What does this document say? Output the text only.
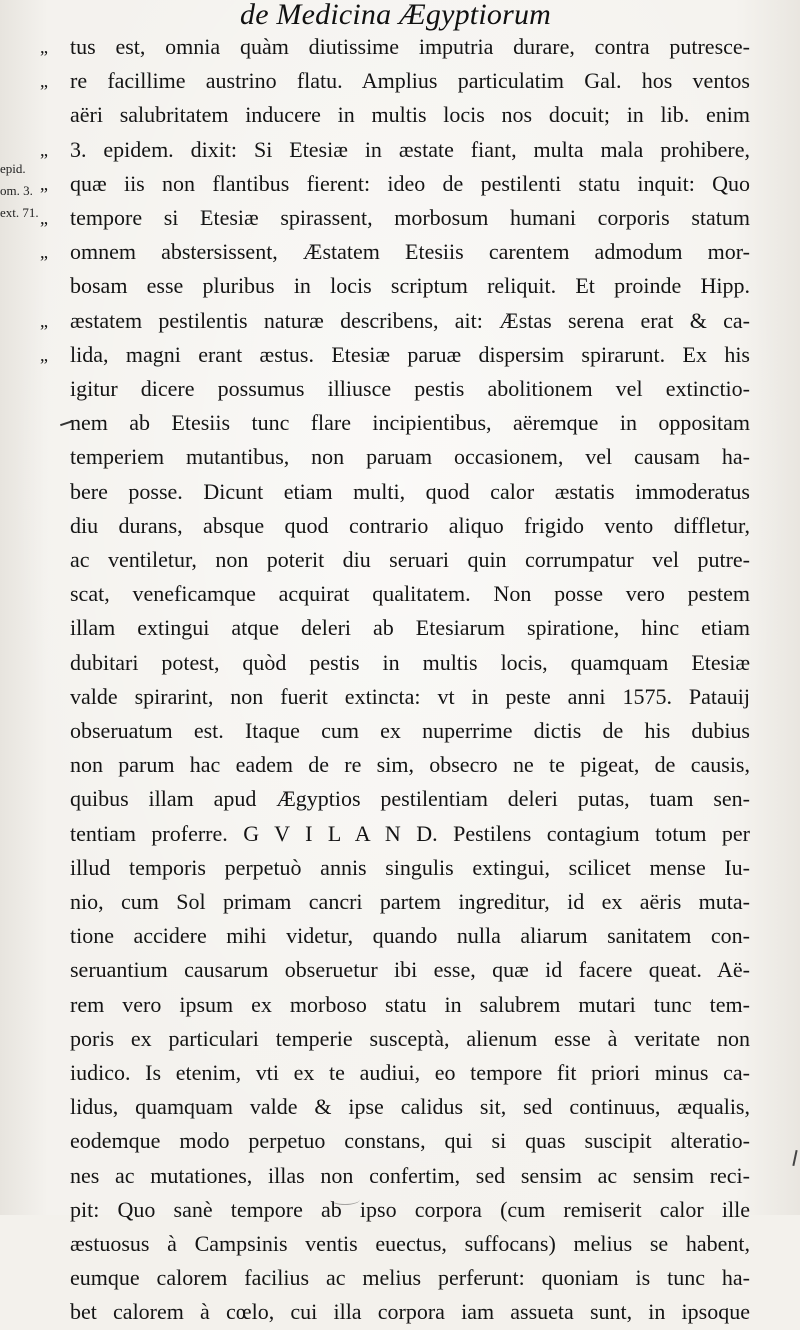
de Medicina Ægyptiorum
epid.
om. 3.
ext. 71.
„	tus est, omnia quàm diutissime imputria durare, contra putresce-
„	re facillime austrino flatu. Amplius particulatim Gal. hos ventos
aëri salubritatem inducere in multis locis nos docuit; in lib. enim
„	3. epidem. dixit: Si Etesiæ in æstate fiant, multa mala prohibere,
„	quæ iis non flantibus fierent: ideo de pestilenti statu inquit: Quo
„	tempore si Etesiæ spirassent, morbosum humani corporis statum
„	omnem abstersissent, Æstatem Etesiis carentem admodum mor-
bosam esse pluribus in locis scriptum reliquit. Et proinde Hipp.
„	æstatem pestilentis naturæ describens, ait: Æstas serena erat & ca-
„	lida, magni erant æstus. Etesiæ paruæ dispersim spirarunt. Ex his
igitur dicere possumus illiusce pestis abolitionem vel extinctio-
nem ab Etesiis tunc flare incipientibus, aëremque in oppositam
temperiem mutantibus, non paruam occasionem, vel causam ha-
bere posse. Dicunt etiam multi, quod calor æstatis immoderatus
diu durans, absque quod contrario aliquo frigido vento diffletur,
ac ventiletur, non poterit diu seruari quin corrumpatur vel putre-
scat, veneficamque acquirat qualitatem. Non posse vero pestem
illam extingui atque deleri ab Etesiarum spiratione, hinc etiam
dubitari potest, quòd pestis in multis locis, quamquam Etesiæ
valde spirarint, non fuerit extincta: vt in peste anni 1575. Patauij
obseruatum est. Itaque cum ex nuperrime dictis de his dubius
non parum hac eadem de re sim, obsecro ne te pigeat, de causis,
quibus illam apud Ægyptios pestilentiam deleri putas, tuam sen-
tentiam proferre. G V I L A N D. Pestilens contagium totum per
illud temporis perpetuò annis singulis extingui, scilicet mense Iu-
nio, cum Sol primam cancri partem ingreditur, id ex aëris muta-
tione accidere mihi videtur, quando nulla aliarum sanitatem con-
seruantium causarum obseruetur ibi esse, quæ id facere queat. Aë-
rem vero ipsum ex morboso statu in salubrem mutari tunc tem-
poris ex particulari temperie susceptà, alienum esse à veritate non
iudico. Is etenim, vti ex te audiui, eo tempore fit priori minus ca-
lidus, quamquam valde & ipse calidus sit, sed continuus, æqualis,
eodemque modo perpetuo constans, qui si quas suscipit alteratio-
nes ac mutationes, illas non confertim, sed sensim ac sensim reci-
pit: Quo sanè tempore ab ipso corpora (cum remiserit calor ille
æstuosus à Campsinis ventis euectus, suffocans) melius se habent,
eumque calorem facilius ac melius perferunt: quoniam is tunc ha-
bet calorem à cœlo, cui illa corpora iam assueta sunt, in ipsoque
